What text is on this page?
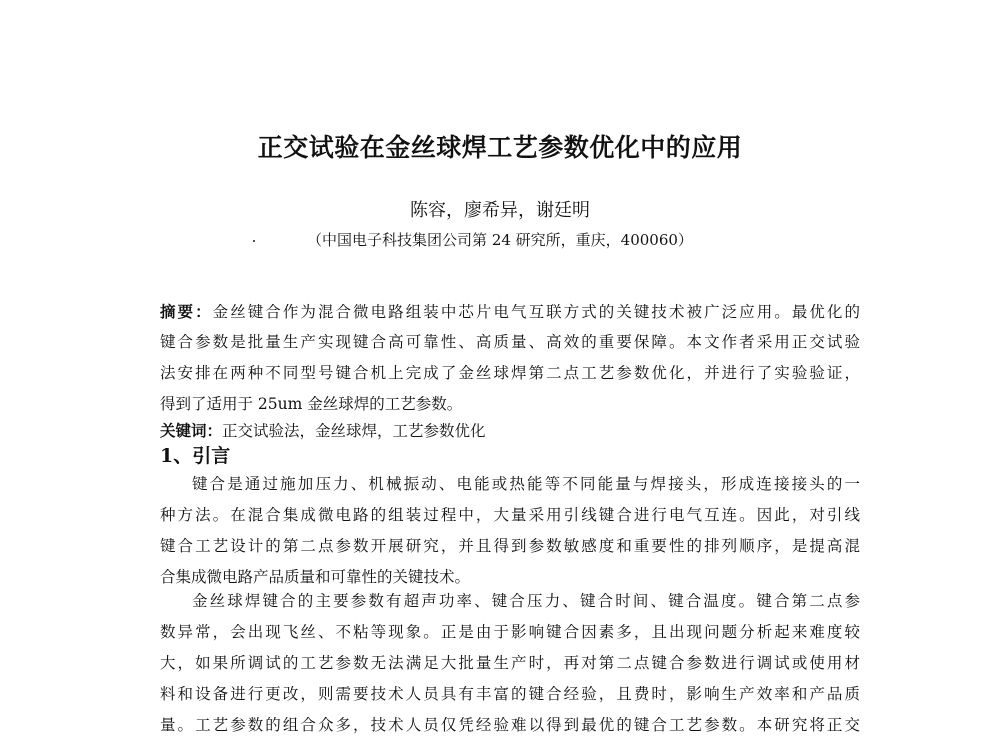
正交试验在金丝球焊工艺参数优化中的应用
陈容，廖希异，谢廷明
（中国电子科技集团公司第 24 研究所，重庆，400060）
摘要：金丝键合作为混合微电路组装中芯片电气互联方式的关键技术被广泛应用。最优化的
键合参数是批量生产实现键合高可靠性、高质量、高效的重要保障。本文作者采用正交试验
法安排在两种不同型号键合机上完成了金丝球焊第二点工艺参数优化，并进行了实验验证，
得到了适用于 25um 金丝球焊的工艺参数。
关键词：正交试验法，金丝球焊，工艺参数优化
1、引言
键合是通过施加压力、机械振动、电能或热能等不同能量与焊接头，形成连接接头的一
种方法。在混合集成微电路的组装过程中，大量采用引线键合进行电气互连。因此，对引线
键合工艺设计的第二点参数开展研究，并且得到参数敏感度和重要性的排列顺序，是提高混
合集成微电路产品质量和可靠性的关键技术。
金丝球焊键合的主要参数有超声功率、键合压力、键合时间、键合温度。键合第二点参
数异常，会出现飞丝、不粘等现象。正是由于影响键合因素多，且出现问题分析起来难度较
大，如果所调试的工艺参数无法满足大批量生产时，再对第二点键合参数进行调试或使用材
料和设备进行更改，则需要技术人员具有丰富的键合经验，且费时，影响生产效率和产品质
量。工艺参数的组合众多，技术人员仅凭经验难以得到最优的键合工艺参数。本研究将正交
